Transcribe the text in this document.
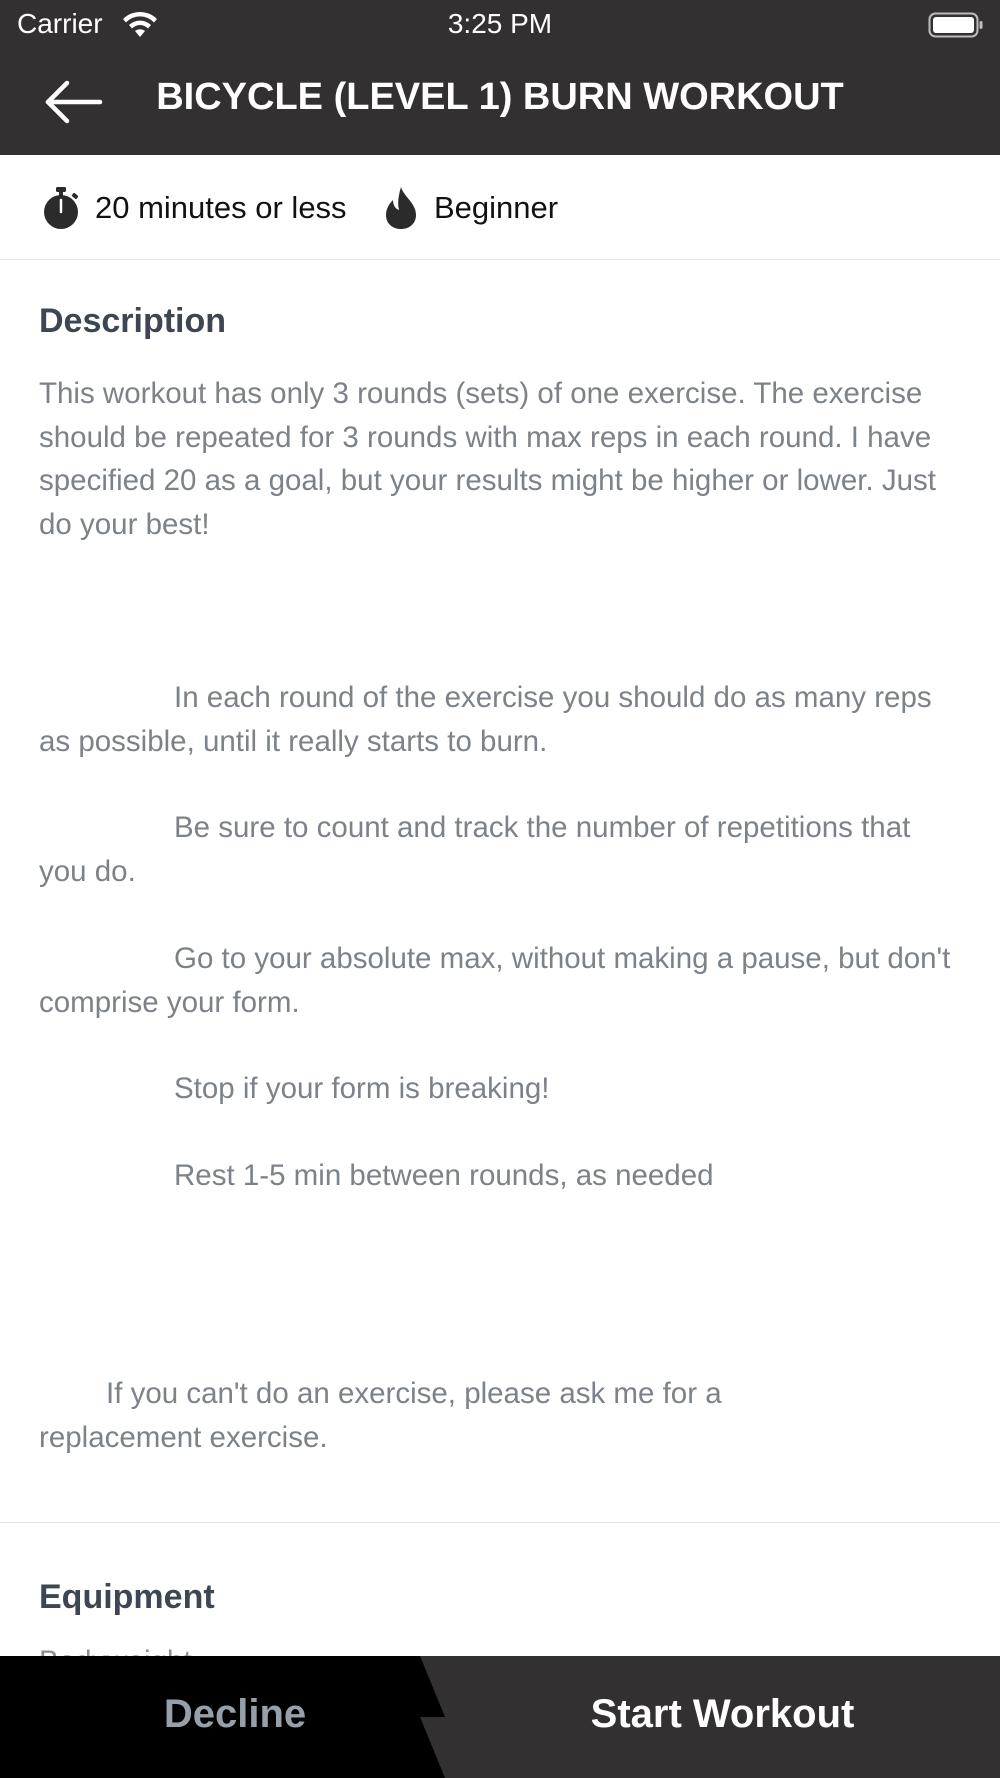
Carrier	3:25 PM
BICYCLE (LEVEL 1) BURN WORKOUT
20 minutes or less	Beginner
Description

This workout has only 3 rounds (sets) of one exercise. The exercise should be repeated for 3 rounds with max reps in each round. I have specified 20 as a goal, but your results might be higher or lower. Just do your best!

In each round of the exercise you should do as many reps as possible, until it really starts to burn.

Be sure to count and track the number of repetitions that you do.

Go to your absolute max, without making a pause, but don't comprise your form.

Stop if your form is breaking!

Rest 1-5 min between rounds, as needed

If you can't do an exercise, please ask me for a replacement exercise.

Equipment
Decline	Start Workout
